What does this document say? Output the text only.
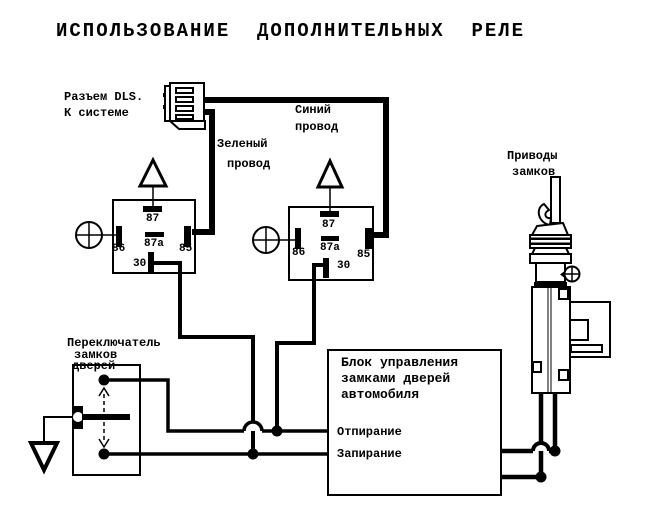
ИСПОЛЬЗОВАНИЕ  ДОПОЛНИТЕЛЬНЫХ  РЕЛЕ
Разъем DLS.
К системе
Зеленый
провод
Синий
провод
Приводы
замков
Переключатель
замков
дверей	Блок управления
замками дверей
автомобиля
Отпирание
Запирание
87
87a
86	85
30
87
87a
86	85
30
